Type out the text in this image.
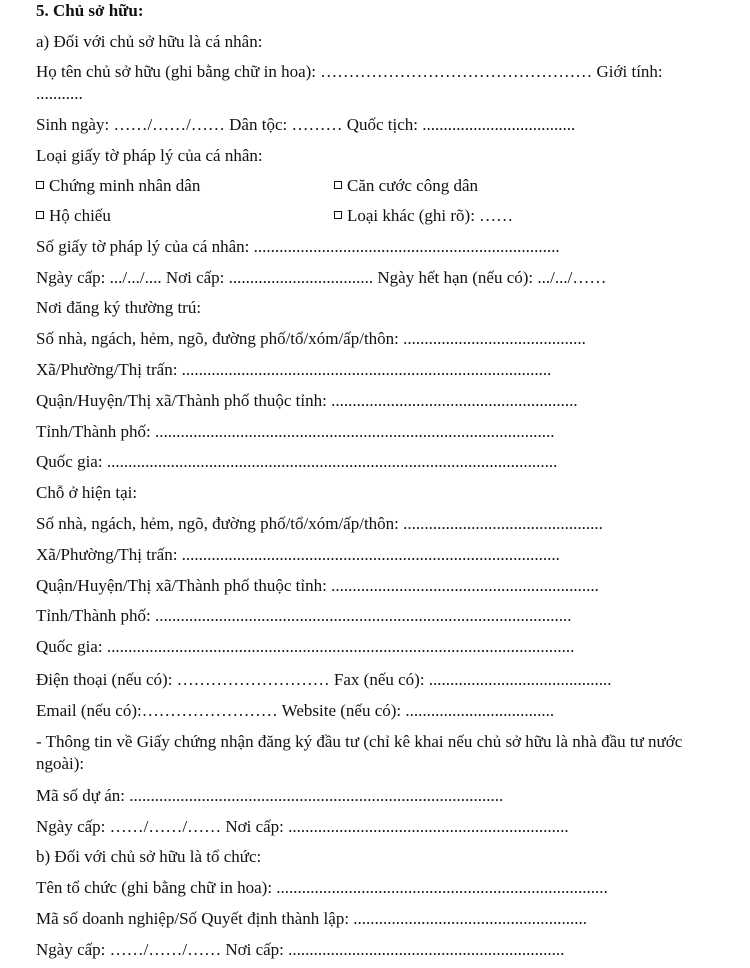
5. Chủ sở hữu:
a) Đối với chủ sở hữu là cá nhân:
Họ tên chủ sở hữu (ghi bằng chữ in hoa): ………………………………………… Giới tính: ...........
Sinh ngày: ……/……/…… Dân tộc: ……… Quốc tịch: ....................................
Loại giấy tờ pháp lý của cá nhân:
Chứng minh nhân dân	Căn cước công dân
Hộ chiếu	Loại khác (ghi rõ): ……
Số giấy tờ pháp lý của cá nhân: ........................................................................
Ngày cấp: .../.../.... Nơi cấp: .................................. Ngày hết hạn (nếu có): .../.../……
Nơi đăng ký thường trú:
Số nhà, ngách, hẻm, ngõ, đường phố/tổ/xóm/ấp/thôn: ...........................................
Xã/Phường/Thị trấn: .......................................................................................
Quận/Huyện/Thị xã/Thành phố thuộc tỉnh: ..........................................................
Tỉnh/Thành phố: ..............................................................................................
Quốc gia: ..........................................................................................................
Chỗ ở hiện tại:
Số nhà, ngách, hẻm, ngõ, đường phố/tổ/xóm/ấp/thôn: ...............................................
Xã/Phường/Thị trấn: .........................................................................................
Quận/Huyện/Thị xã/Thành phố thuộc tỉnh: ...............................................................
Tỉnh/Thành phố: ..................................................................................................
Quốc gia: ..............................................................................................................
Điện thoại (nếu có): ……………………… Fax (nếu có): ...........................................
Email (nếu có):…………………… Website (nếu có): ...................................
- Thông tin về Giấy chứng nhận đăng ký đầu tư (chỉ kê khai nếu chủ sở hữu là nhà đầu tư nước ngoài):
Mã số dự án: ........................................................................................
Ngày cấp: ……/……/…… Nơi cấp: ..................................................................
b) Đối với chủ sở hữu là tổ chức:
Tên tổ chức (ghi bằng chữ in hoa): ..............................................................................
Mã số doanh nghiệp/Số Quyết định thành lập: .......................................................
Ngày cấp: ……/……/…… Nơi cấp: .................................................................
